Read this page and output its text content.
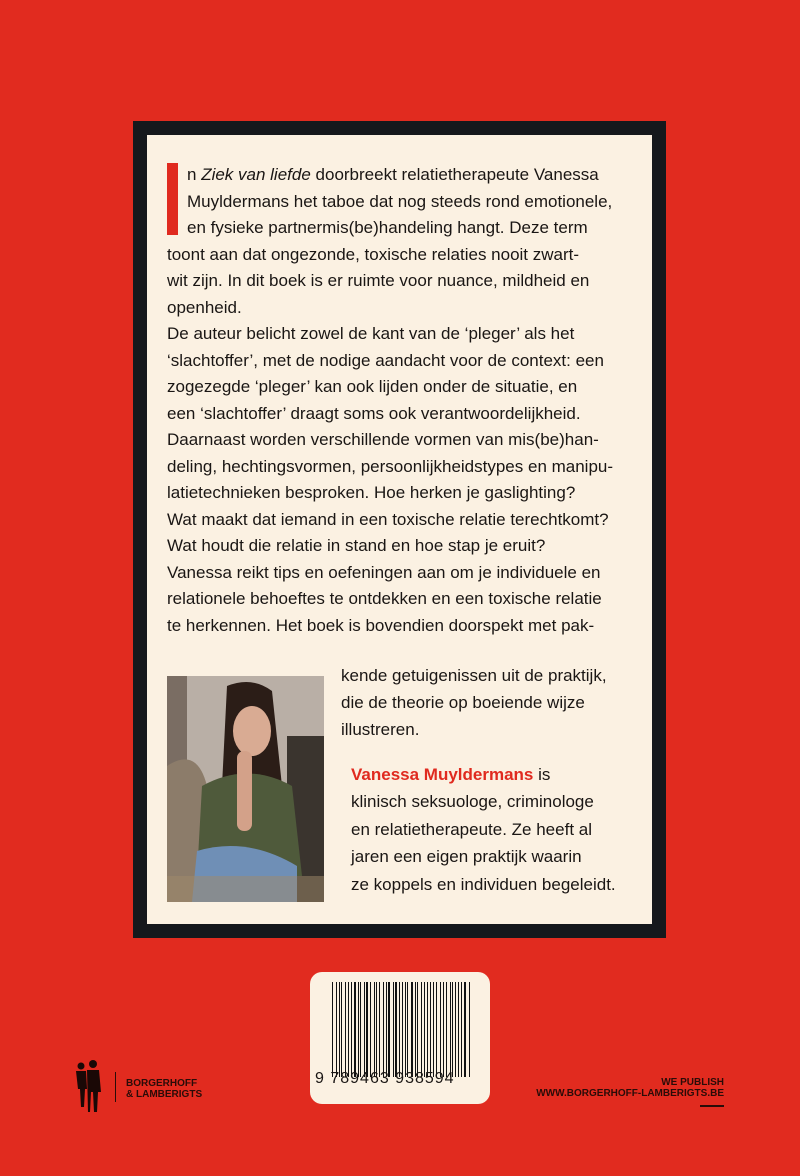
n Ziek van liefde doorbreekt relatietherapeute Vanessa
Muyldermans het taboe dat nog steeds rond emotionele,
en fysieke partnermis(be)handeling hangt. Deze term
toont aan dat ongezonde, toxische relaties nooit zwart-
wit zijn. In dit boek is er ruimte voor nuance, mildheid en
openheid.
De auteur belicht zowel de kant van de ‘pleger’ als het
‘slachtoffer’, met de nodige aandacht voor de context: een
zogezegde ‘pleger’ kan ook lijden onder de situatie, en
een ‘slachtoffer’ draagt soms ook verantwoordelijkheid.
Daarnaast worden verschillende vormen van mis(be)han-
deling, hechtingsvormen, persoonlijkheidstypes en manipu-
latietechnieken besproken. Hoe herken je gaslighting?
Wat maakt dat iemand in een toxische relatie terechtkomt?
Wat houdt die relatie in stand en hoe stap je eruit?
Vanessa reikt tips en oefeningen aan om je individuele en
relationele behoeftes te ontdekken en een toxische relatie
te herkennen. Het boek is bovendien doorspekt met pak-
kende getuigenissen uit de praktijk,
die de theorie op boeiende wijze
illustreren.
Vanessa Muyldermans is
klinisch seksuologe, criminologe
en relatietherapeute. Ze heeft al
jaren een eigen praktijk waarin
ze koppels en individuen begeleidt.
9 789463 938594
BORGERHOFF
& LAMBERIGTS
WE PUBLISH
WWW.BORGERHOFF-LAMBERIGTS.BE
